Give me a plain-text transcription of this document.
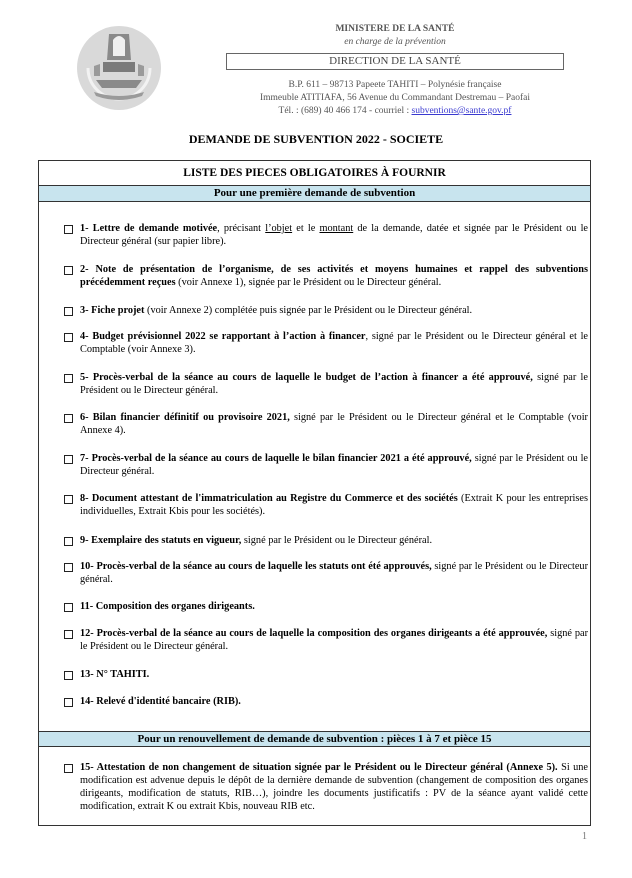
MINISTERE DE LA SANTÉ
en charge de la prévention
DIRECTION DE LA SANTÉ
B.P. 611 – 98713 Papeete TAHITI – Polynésie française
Immeuble ATITIAFA, 56 Avenue du Commandant Destremau – Paofai
Tél. : (689) 40 466 174 - courriel : subventions@sante.gov.pf
DEMANDE DE SUBVENTION 2022 - SOCIETE
LISTE DES PIECES OBLIGATOIRES À FOURNIR
Pour une première demande de subvention
Pour un renouvellement de demande de subvention : pièces 1 à 7 et pièce 15
1- Lettre de demande motivée, précisant l’objet et le montant de la demande, datée et signée par le Président ou le Directeur général (sur papier libre).
2- Note de présentation de l’organisme, de ses activités et moyens humaines et rappel des subventions précédemment reçues (voir Annexe 1), signée par le Président ou le Directeur général.
3- Fiche projet (voir Annexe 2) complétée puis signée par le Président ou le Directeur général.
4- Budget prévisionnel 2022 se rapportant à l’action à financer, signé par le Président ou le Directeur général et le Comptable (voir Annexe 3).
5- Procès-verbal de la séance au cours de laquelle le budget de l’action à financer a été approuvé, signé par le Président ou le Directeur général.
6- Bilan financier définitif ou provisoire 2021, signé par le Président ou le Directeur général et le Comptable (voir Annexe 4).
7- Procès-verbal de la séance au cours de laquelle le bilan financier 2021 a été approuvé, signé par le Président ou le Directeur général.
8- Document attestant de l'immatriculation au Registre du Commerce et des sociétés (Extrait K pour les entreprises individuelles, Extrait Kbis pour les sociétés).
9- Exemplaire des statuts en vigueur, signé par le Président ou le Directeur général.
10- Procès-verbal de la séance au cours de laquelle les statuts ont été approuvés, signé par le Président ou le Directeur général.
11- Composition des organes dirigeants.
12- Procès-verbal de la séance au cours de laquelle la composition des organes dirigeants a été approuvée, signé par le Président ou le Directeur général.
13- N° TAHITI.
14- Relevé d'identité bancaire (RIB).
15- Attestation de non changement de situation signée par le Président ou le Directeur général (Annexe 5). Si une modification est advenue depuis le dépôt de la dernière demande de subvention (changement de composition des organes dirigeants, modification de statuts, RIB…), joindre les documents justificatifs : PV de la séance ayant validé cette modification, extrait K ou extrait Kbis, nouveau RIB etc.
1
